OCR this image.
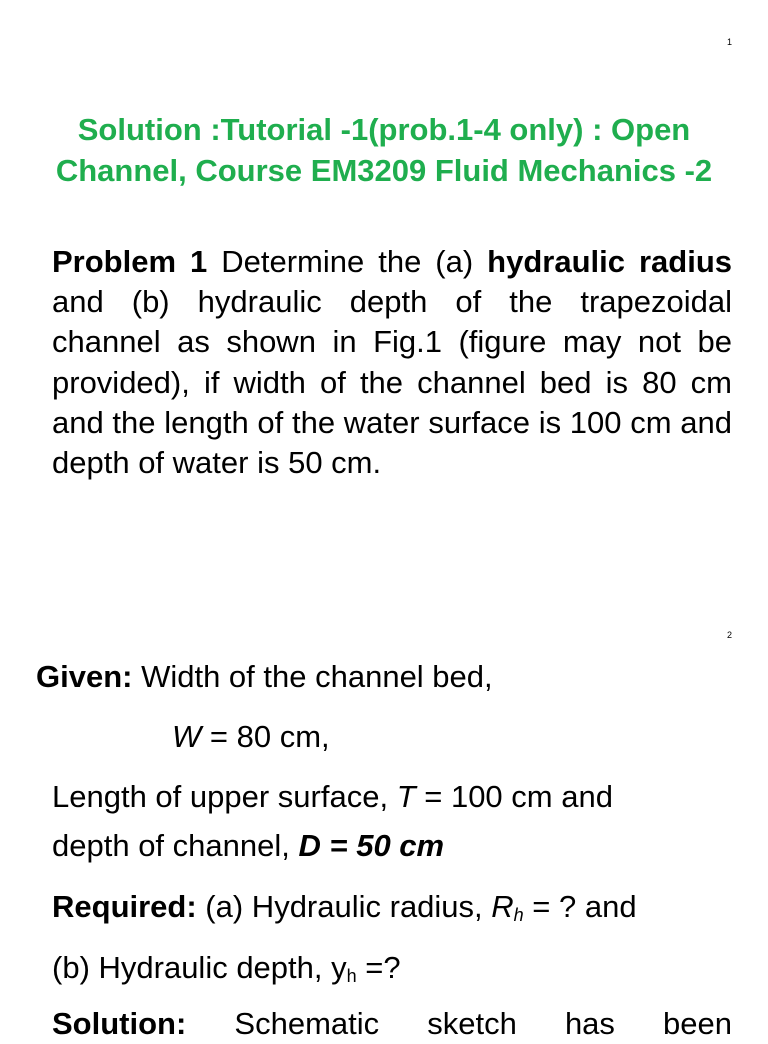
1
Solution :Tutorial -1(prob.1-4 only) : Open Channel, Course EM3209 Fluid Mechanics -2
Problem 1 Determine the (a) hydraulic radius and (b) hydraulic depth of the trapezoidal channel as shown in Fig.1 (figure may not be provided), if width of the channel bed is 80 cm and the length of the water surface is 100 cm and depth of water is 50 cm.
2
Given: Width of the channel bed,
W = 80 cm,
Length of upper surface, T = 100 cm and
depth of channel, D = 50 cm
Required: (a) Hydraulic radius, $R_h$ = ? and
(b) Hydraulic depth, $y_h$ =?
Solution: Schematic sketch has been
